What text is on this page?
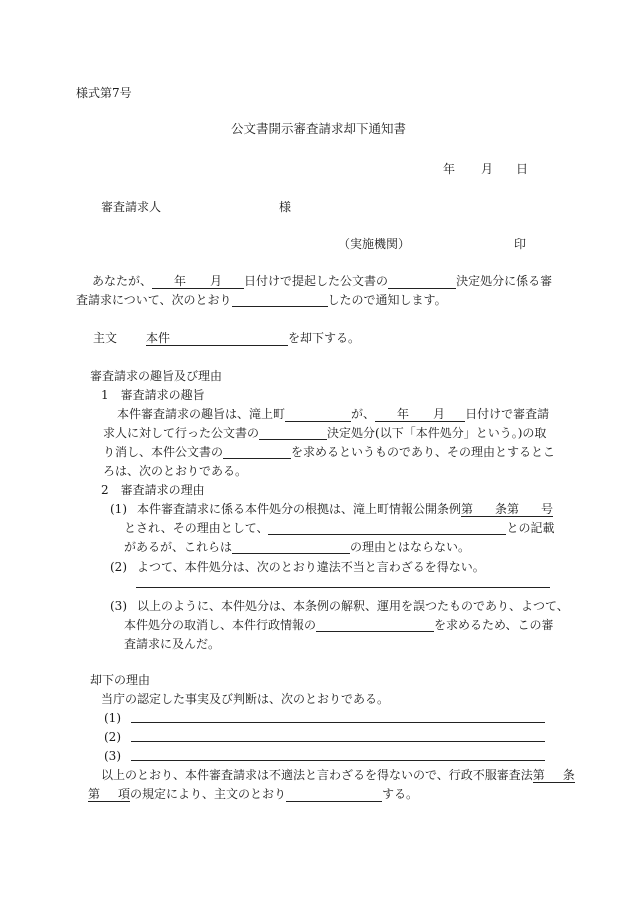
様式第7号
公文書開示審査請求却下通知書
年 月 日
審査請求人	様
（実施機関）	印
あなたが、 年 月 日付けで提起した公文書の	決定処分に係る審
査請求について、次のとおり	したので通知します。
主文 本件	を却下する。
審査請求の趣旨及び理由
1　審査請求の趣旨
本件審査請求の趣旨は、滝上町	が、 年 月 日付けで審査請
求人に対して行った公文書の	決定処分(以下「本件処分」という。)の取
り消し、本件公文書の	を求めるというものであり、その理由とするとこ
ろは、次のとおりである。
2　審査請求の理由
(1) 本件審査請求に係る本件処分の根拠は、滝上町情報公開条例第 条第 号
とされ、その理由として、	との記載
があるが、これらは	の理由とはならない。
(2) よつて、本件処分は、次のとおり違法不当と言わざるを得ない。
(3) 以上のように、本件処分は、本条例の解釈、運用を誤つたものであり、よつて、
本件処分の取消し、本件行政情報の	を求めるため、この審
査請求に及んだ。
却下の理由
当庁の認定した事実及び判断は、次のとおりである。
(1)
(2)
(3)
以上のとおり、本件審査請求は不適法と言わざるを得ないので、行政不服審査法第 条
第 項の規定により、主文のとおり	する。
